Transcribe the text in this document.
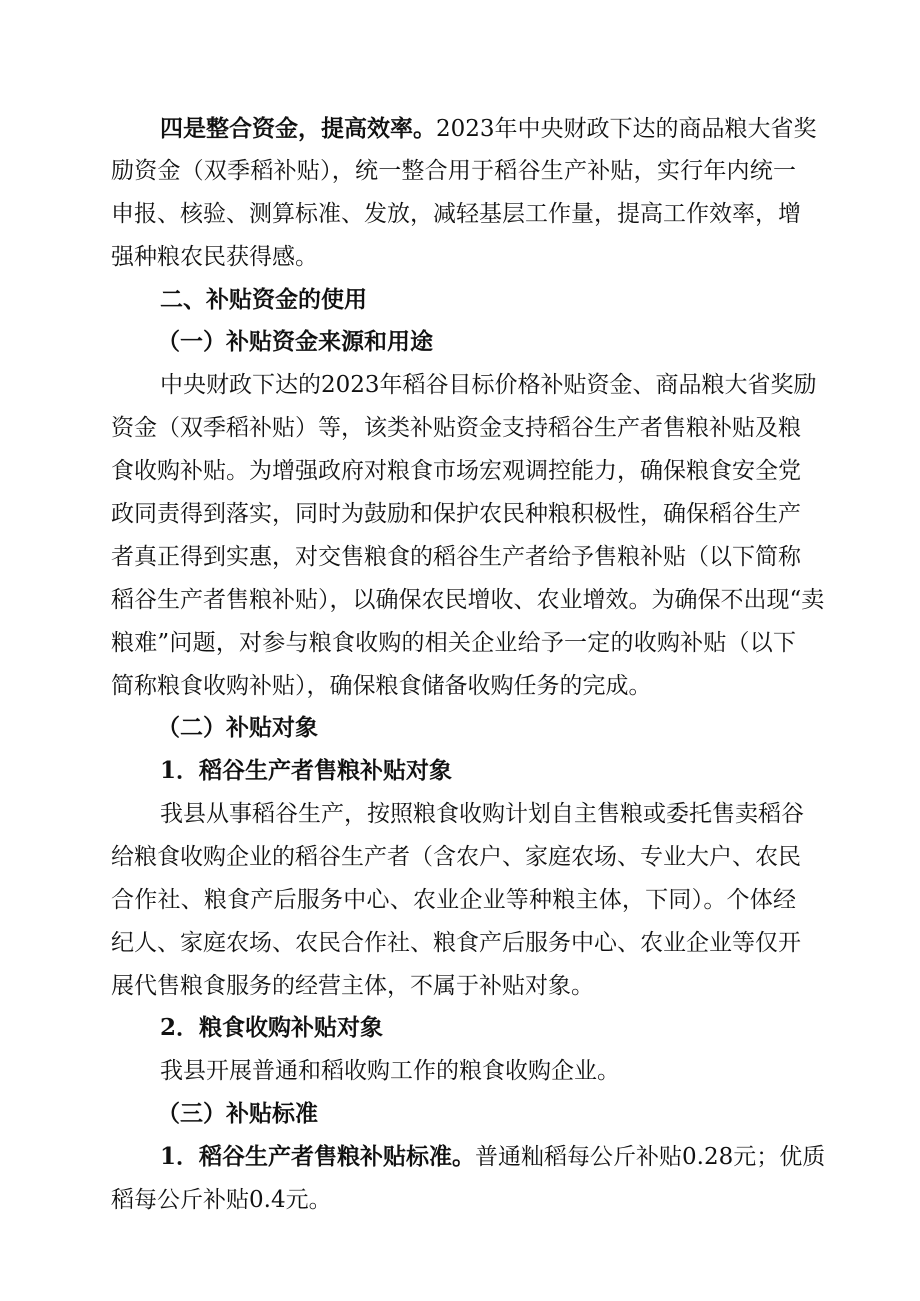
四是整合资金，提高效率。2023年中央财政下达的商品粮大省奖
励资金（双季稻补贴），统一整合用于稻谷生产补贴，实行年内统一
申报、核验、测算标准、发放，减轻基层工作量，提高工作效率，增
强种粮农民获得感。
二、补贴资金的使用
（一）补贴资金来源和用途
中央财政下达的2023年稻谷目标价格补贴资金、商品粮大省奖励
资金（双季稻补贴）等，该类补贴资金支持稻谷生产者售粮补贴及粮
食收购补贴。为增强政府对粮食市场宏观调控能力，确保粮食安全党
政同责得到落实，同时为鼓励和保护农民种粮积极性，确保稻谷生产
者真正得到实惠，对交售粮食的稻谷生产者给予售粮补贴（以下简称
稻谷生产者售粮补贴），以确保农民增收、农业增效。为确保不出现“卖
粮难”问题，对参与粮食收购的相关企业给予一定的收购补贴（以下
简称粮食收购补贴），确保粮食储备收购任务的完成。
（二）补贴对象
1．稻谷生产者售粮补贴对象
我县从事稻谷生产，按照粮食收购计划自主售粮或委托售卖稻谷
给粮食收购企业的稻谷生产者（含农户、家庭农场、专业大户、农民
合作社、粮食产后服务中心、农业企业等种粮主体，下同）。个体经
纪人、家庭农场、农民合作社、粮食产后服务中心、农业企业等仅开
展代售粮食服务的经营主体，不属于补贴对象。
2．粮食收购补贴对象
我县开展普通和稻收购工作的粮食收购企业。
（三）补贴标准
1．稻谷生产者售粮补贴标准。普通籼稻每公斤补贴0.28元；优质
稻每公斤补贴0.4元。
